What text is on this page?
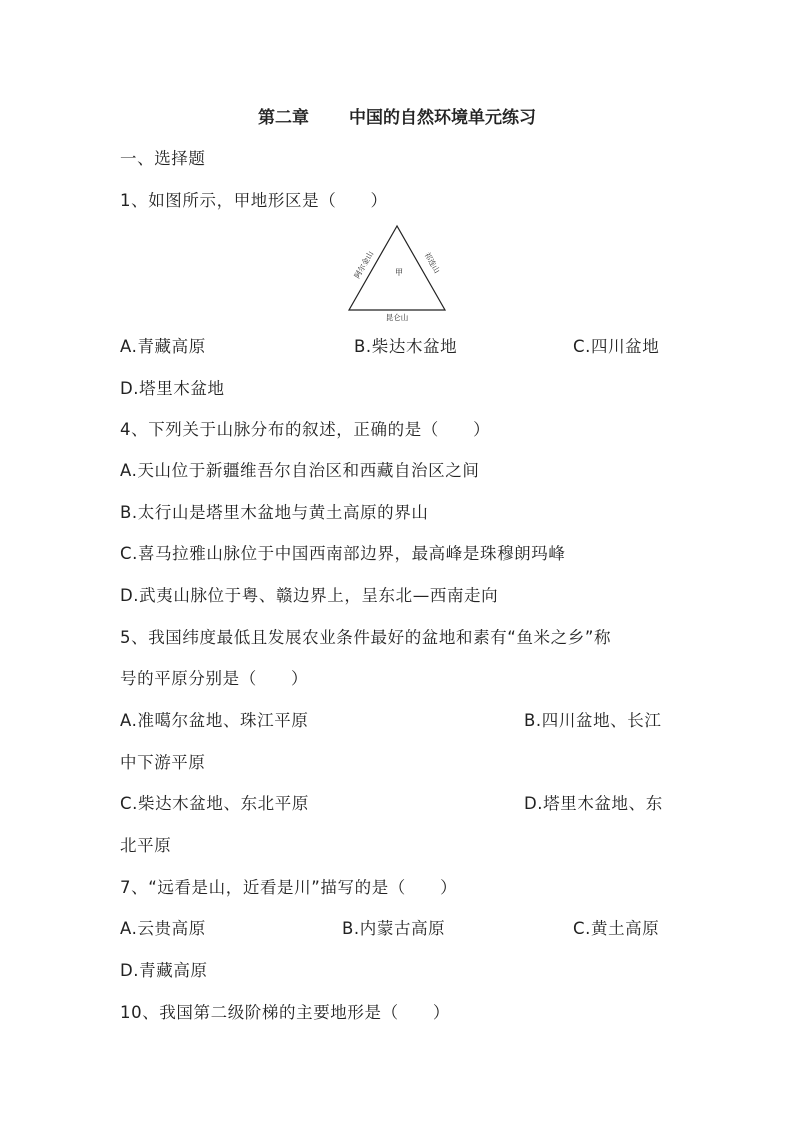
第二章 中国的自然环境单元练习
一、选择题
1、如图所示，甲地形区是（　　）
甲
阿尔金山	祁连山
昆仑山
A.青藏高原	B.柴达木盆地	C.四川盆地
D.塔里木盆地
4、下列关于山脉分布的叙述，正确的是（　　）
A.天山位于新疆维吾尔自治区和西藏自治区之间
B.太行山是塔里木盆地与黄土高原的界山
C.喜马拉雅山脉位于中国西南部边界，最高峰是珠穆朗玛峰
D.武夷山脉位于粤、赣边界上，呈东北—西南走向
5、我国纬度最低且发展农业条件最好的盆地和素有“鱼米之乡”称
号的平原分别是（　　）
A.准噶尔盆地、珠江平原	B.四川盆地、长江
中下游平原
C.柴达木盆地、东北平原	D.塔里木盆地、东
北平原
7、“远看是山，近看是川”描写的是（　　）
A.云贵高原	B.内蒙古高原	C.黄土高原
D.青藏高原
10、我国第二级阶梯的主要地形是（　　）
